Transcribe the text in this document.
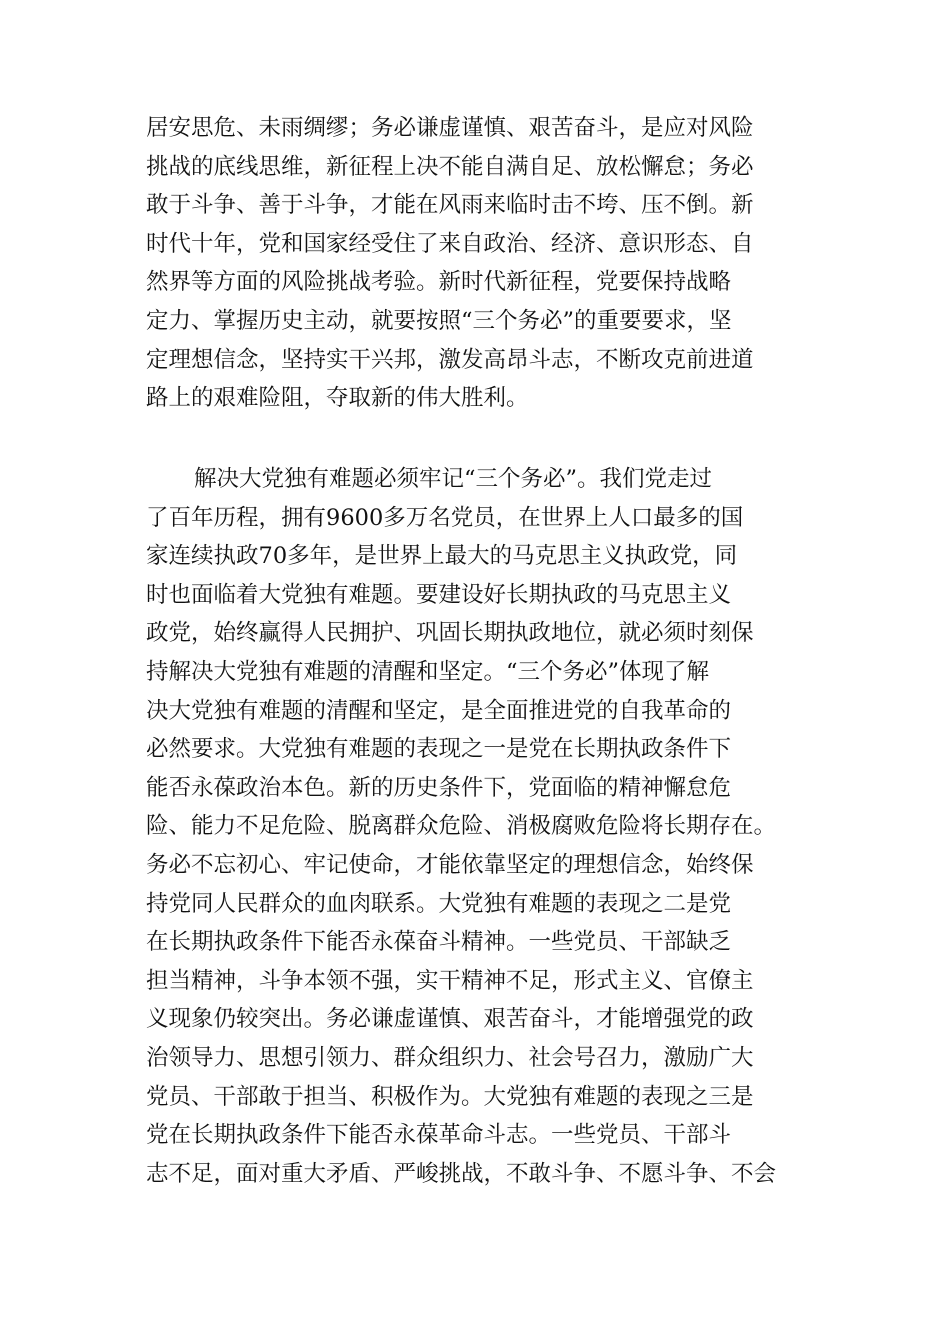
居安思危、未雨绸缪；务必谦虚谨慎、艰苦奋斗，是应对风险
挑战的底线思维，新征程上决不能自满自足、放松懈怠；务必
敢于斗争、善于斗争，才能在风雨来临时击不垮、压不倒。新
时代十年，党和国家经受住了来自政治、经济、意识形态、自
然界等方面的风险挑战考验。新时代新征程，党要保持战略
定力、掌握历史主动，就要按照“三个务必”的重要要求，坚
定理想信念，坚持实干兴邦，激发高昂斗志，不断攻克前进道
路上的艰难险阻，夺取新的伟大胜利。
解决大党独有难题必须牢记“三个务必”。我们党走过
了百年历程，拥有9600多万名党员，在世界上人口最多的国
家连续执政70多年，是世界上最大的马克思主义执政党，同
时也面临着大党独有难题。要建设好长期执政的马克思主义
政党，始终赢得人民拥护、巩固长期执政地位，就必须时刻保
持解决大党独有难题的清醒和坚定。“三个务必”体现了解
决大党独有难题的清醒和坚定，是全面推进党的自我革命的
必然要求。大党独有难题的表现之一是党在长期执政条件下
能否永葆政治本色。新的历史条件下，党面临的精神懈怠危
险、能力不足危险、脱离群众危险、消极腐败危险将长期存在。
务必不忘初心、牢记使命，才能依靠坚定的理想信念，始终保
持党同人民群众的血肉联系。大党独有难题的表现之二是党
在长期执政条件下能否永葆奋斗精神。一些党员、干部缺乏
担当精神，斗争本领不强，实干精神不足，形式主义、官僚主
义现象仍较突出。务必谦虚谨慎、艰苦奋斗，才能增强党的政
治领导力、思想引领力、群众组织力、社会号召力，激励广大
党员、干部敢于担当、积极作为。大党独有难题的表现之三是
党在长期执政条件下能否永葆革命斗志。一些党员、干部斗
志不足，面对重大矛盾、严峻挑战，不敢斗争、不愿斗争、不会
